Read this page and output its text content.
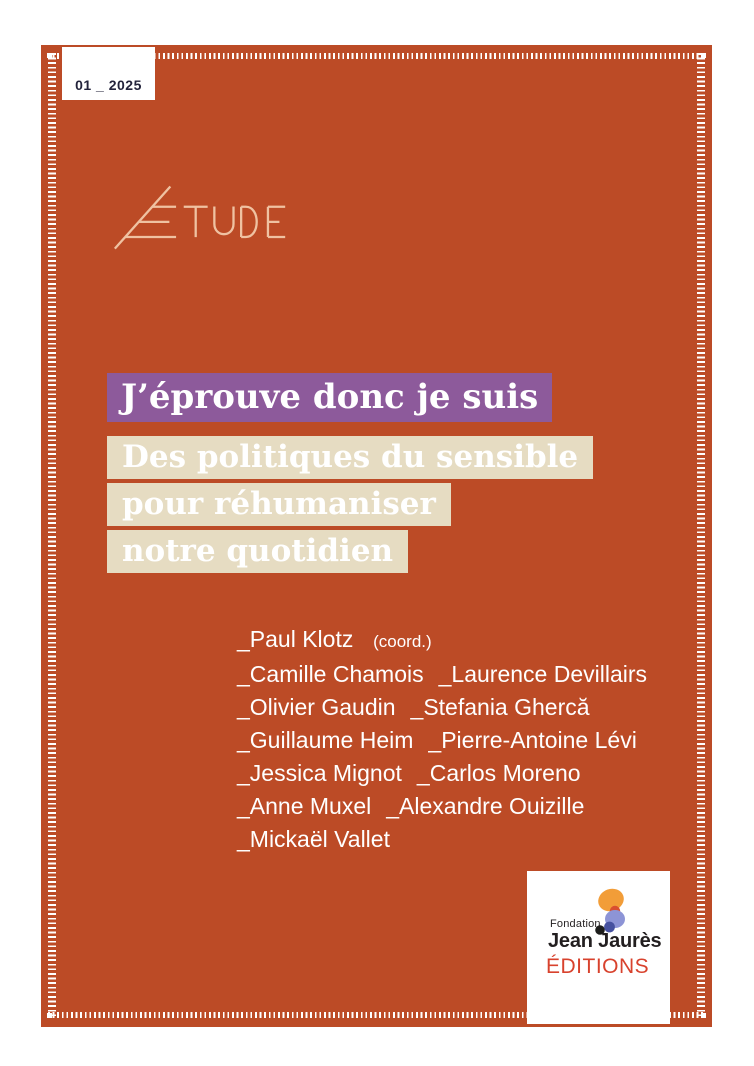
01 _ 2025
J’éprouve donc je suis
Des politiques du sensible
pour réhumaniser
notre quotidien
_Paul Klotz (coord.)
_Camille Chamois _Laurence Devillairs
_Olivier Gaudin _Stefania Ghercă
_Guillaume Heim _Pierre-Antoine Lévi
_Jessica Mignot _Carlos Moreno
_Anne Muxel _Alexandre Ouizille
_Mickaël Vallet
Fondation
Jean Jaurès
ÉDITIONS
